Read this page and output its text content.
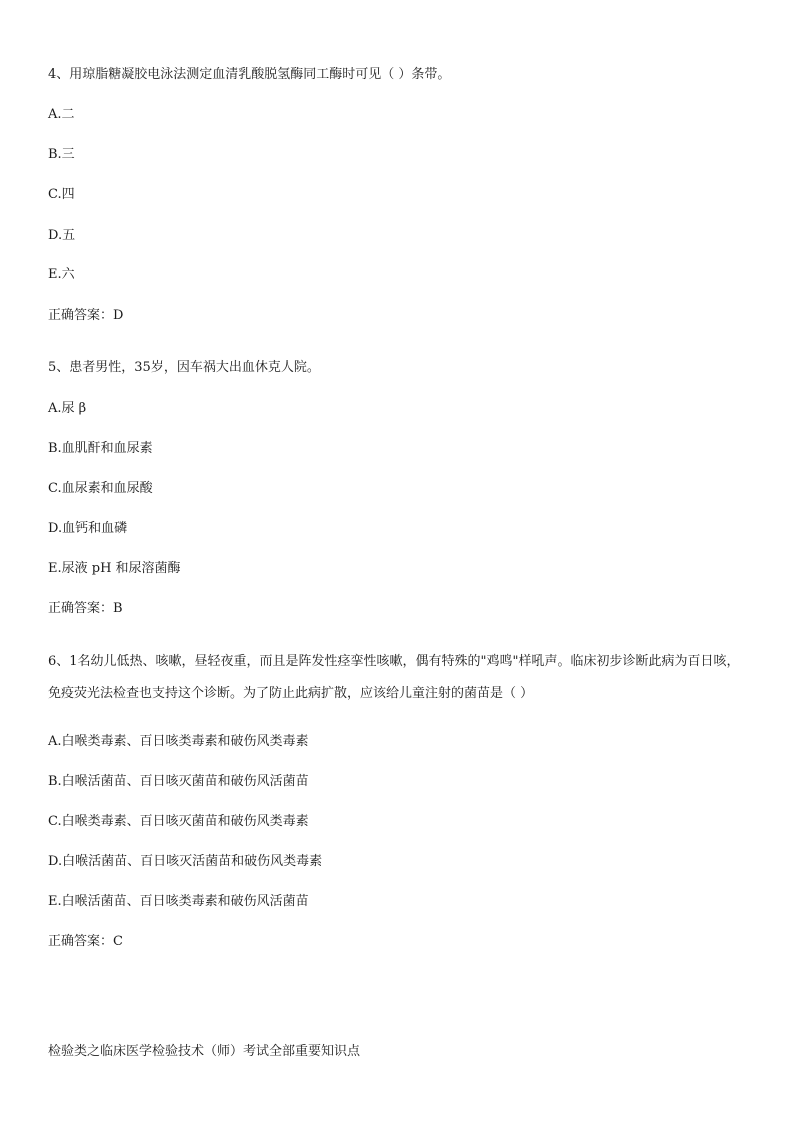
4、用琼脂糖凝胶电泳法测定血清乳酸脱氢酶同工酶时可见（ ）条带。
A.二
B.三
C.四
D.五
E.六
正确答案：D
5、患者男性，35岁，因车祸大出血休克人院。
A.尿 β
B.血肌酐和血尿素
C.血尿素和血尿酸
D.血钙和血磷
E.尿液 pH 和尿溶菌酶
正确答案：B
6、1名幼儿低热、咳嗽，昼轻夜重，而且是阵发性痉挛性咳嗽，偶有特殊的"鸡鸣"样吼声。临床初步诊断此病为百日咳，免疫荧光法检查也支持这个诊断。为了防止此病扩散，应该给儿童注射的菌苗是（ ）
A.白喉类毒素、百日咳类毒素和破伤风类毒素
B.白喉活菌苗、百日咳灭菌苗和破伤风活菌苗
C.白喉类毒素、百日咳灭菌苗和破伤风类毒素
D.白喉活菌苗、百日咳灭活菌苗和破伤风类毒素
E.白喉活菌苗、百日咳类毒素和破伤风活菌苗
正确答案：C
检验类之临床医学检验技术（师）考试全部重要知识点
